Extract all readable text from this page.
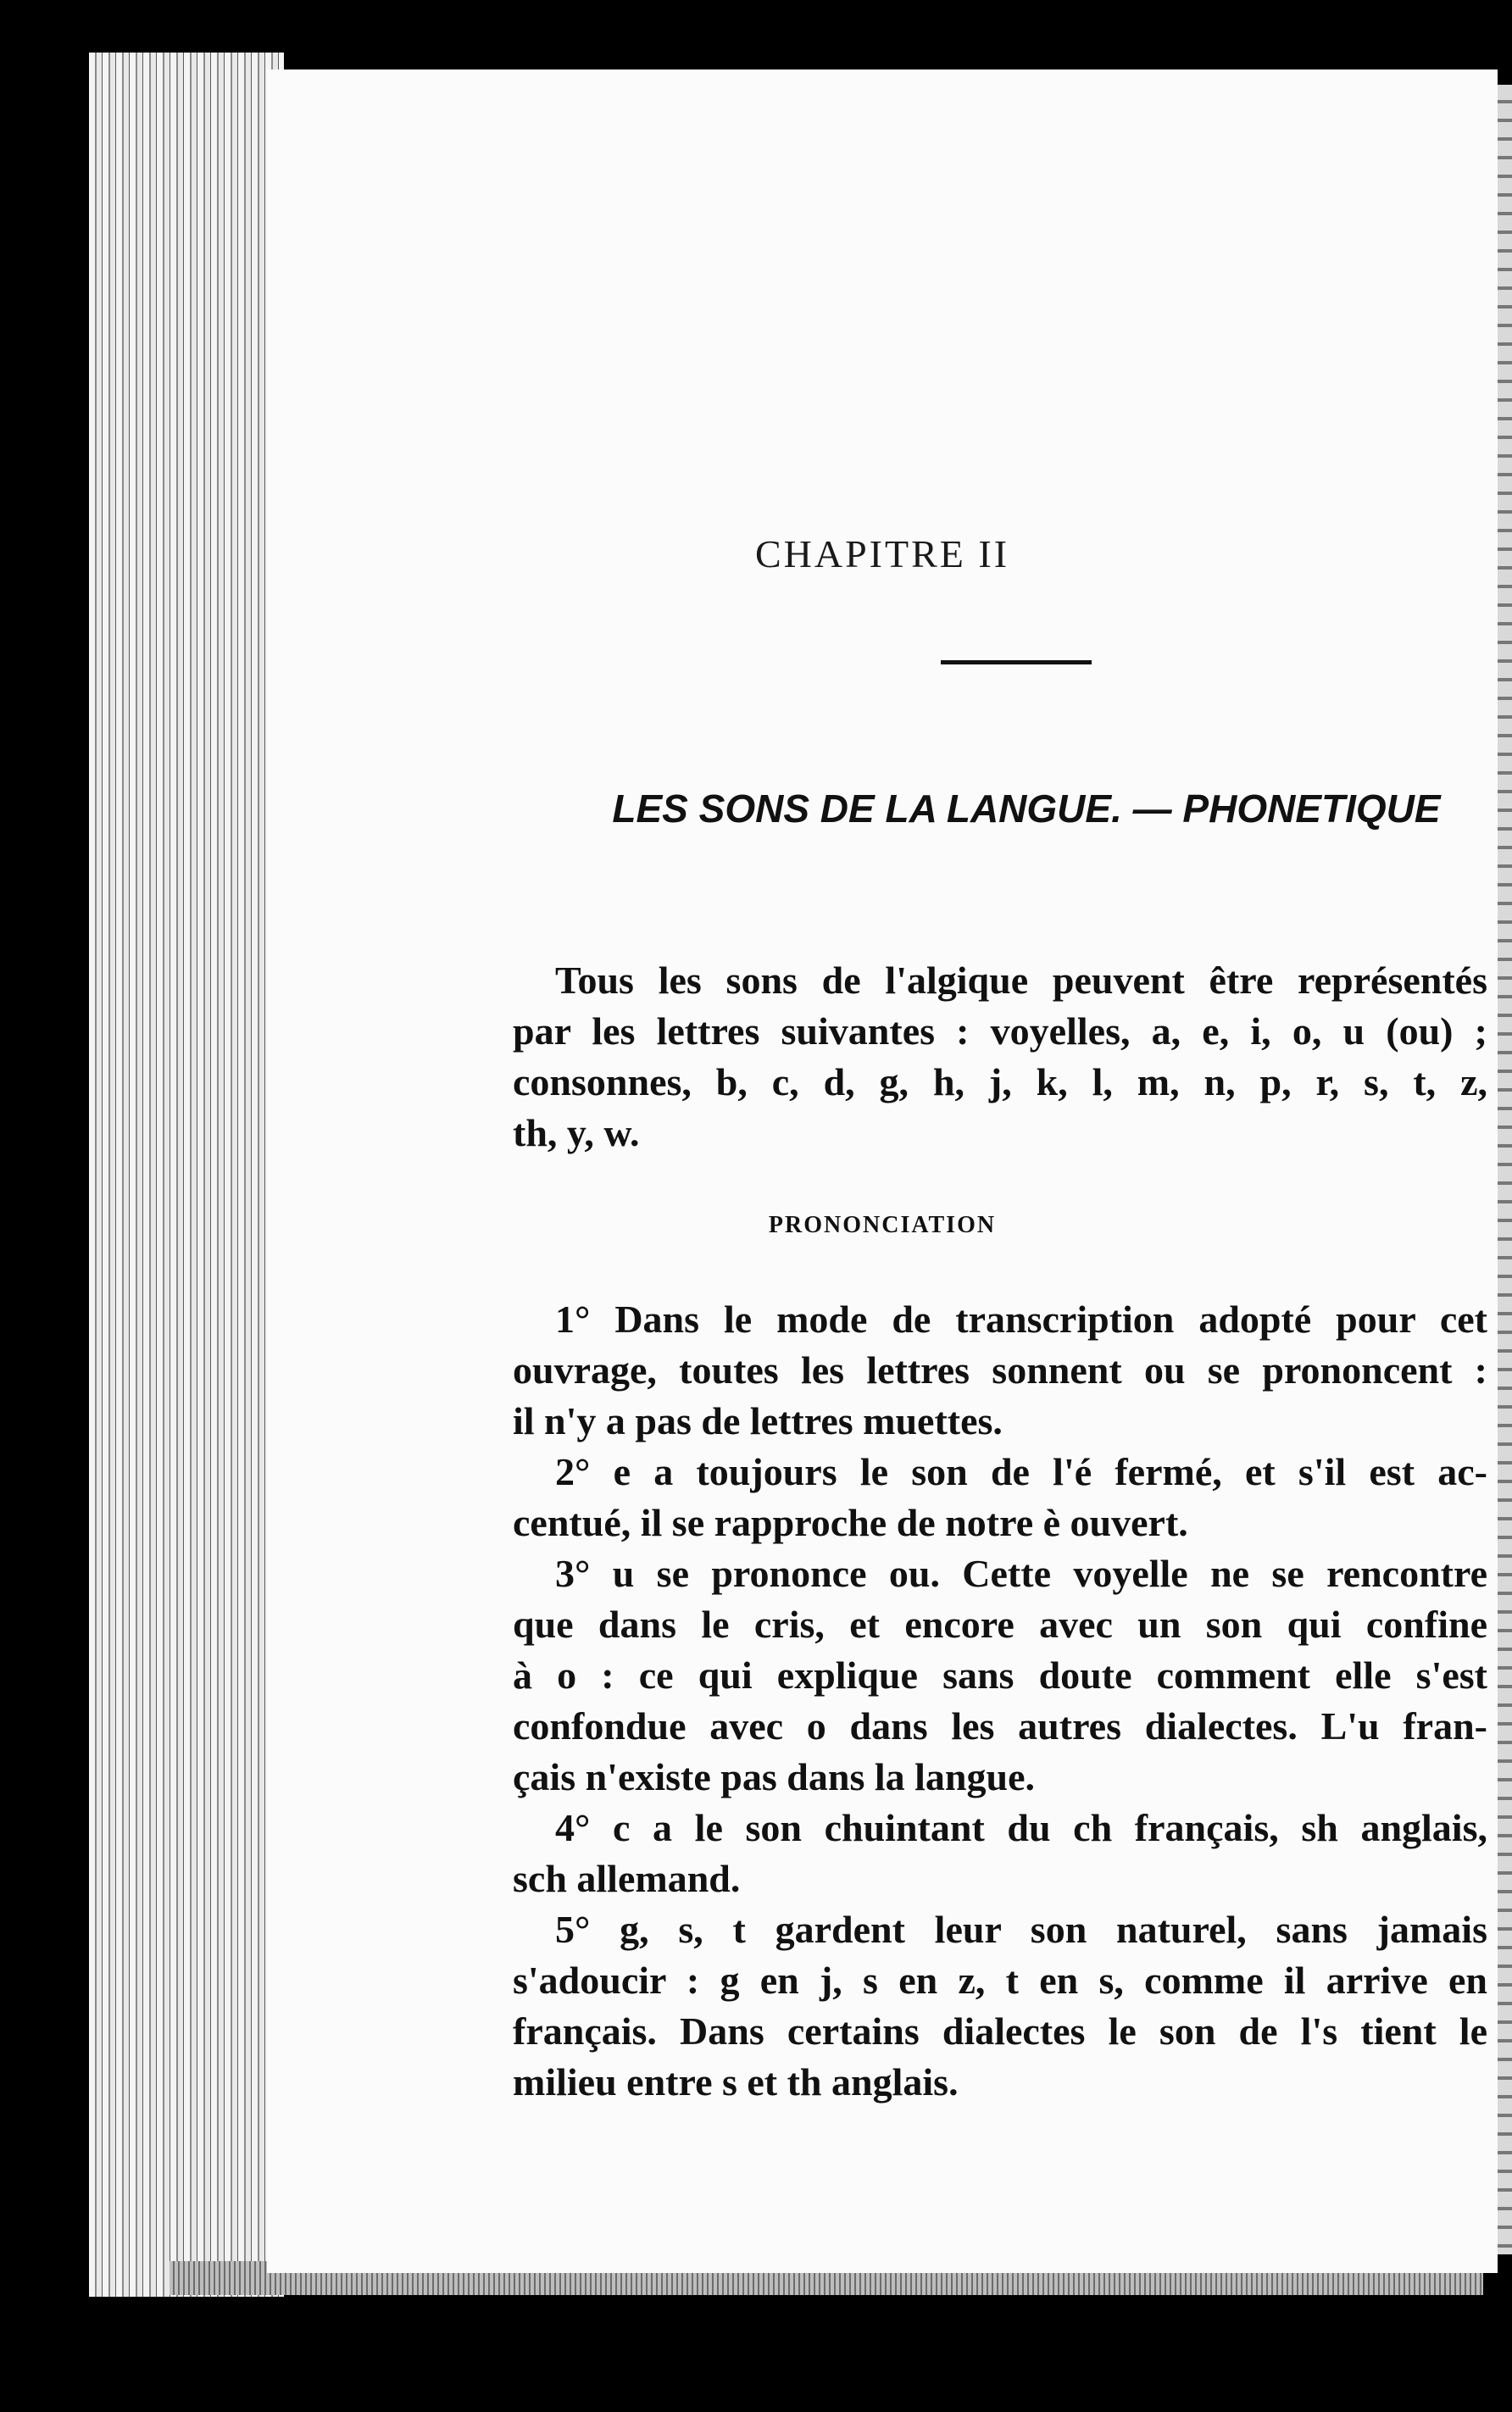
CHAPITRE II
LES SONS DE LA LANGUE. — PHONETIQUE
Tous les sons de l'algique peuvent être représentés
par les lettres suivantes : voyelles, a, e, i, o, u (ou) ;
consonnes, b, c, d, g, h, j, k, l, m, n, p, r, s, t, z,
th, y, w.
PRONONCIATION
1° Dans le mode de transcription adopté pour cet
ouvrage, toutes les lettres sonnent ou se prononcent :
il n'y a pas de lettres muettes.
2° e a toujours le son de l'é fermé, et s'il est ac-
centué, il se rapproche de notre è ouvert.
3° u se prononce ou. Cette voyelle ne se rencontre
que dans le cris, et encore avec un son qui confine
à o : ce qui explique sans doute comment elle s'est
confondue avec o dans les autres dialectes. L'u fran-
çais n'existe pas dans la langue.
4° c a le son chuintant du ch français, sh anglais,
sch allemand.
5° g, s, t gardent leur son naturel, sans jamais
s'adoucir : g en j, s en z, t en s, comme il arrive en
français. Dans certains dialectes le son de l's tient le
milieu entre s et th anglais.
